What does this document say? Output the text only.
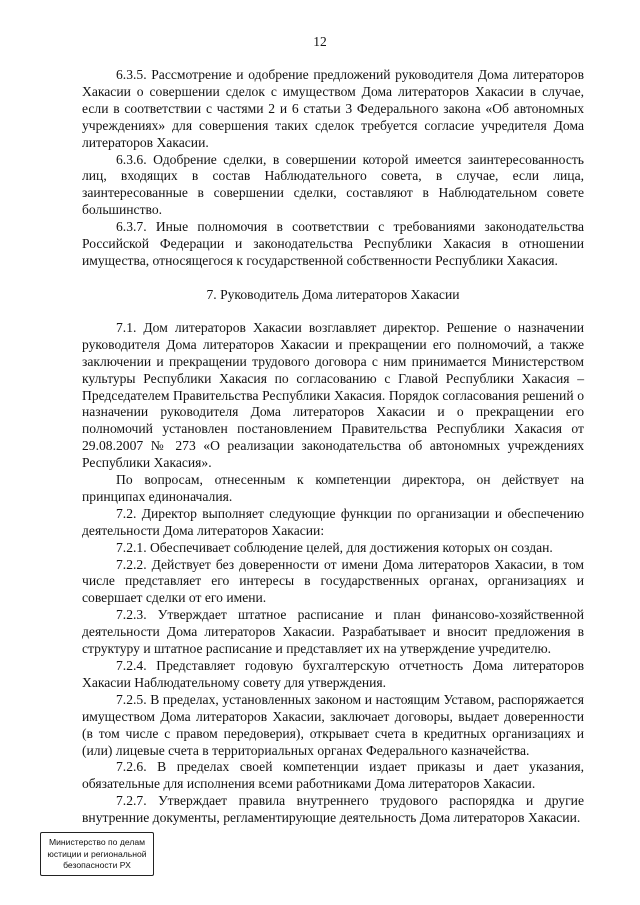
12

6.3.5. Рассмотрение и одобрение предложений руководителя Дома литераторов Хакасии о совершении сделок с имуществом Дома литераторов Хакасии в случае, если в соответствии с частями 2 и 6 статьи 3 Федерального закона «Об автономных учреждениях» для совершения таких сделок требуется согласие учредителя Дома литераторов Хакасии.

6.3.6. Одобрение сделки, в совершении которой имеется заинтересованность лиц, входящих в состав Наблюдательного совета, в случае, если лица, заинтересованные в совершении сделки, составляют в Наблюдательном совете большинство.

6.3.7. Иные полномочия в соответствии с требованиями законодательства Российской Федерации и законодательства Республики Хакасия в отношении имущества, относящегося к государственной собственности Республики Хакасия.

7. Руководитель Дома литераторов Хакасии

7.1. Дом литераторов Хакасии возглавляет директор. Решение о назначении руководителя Дома литераторов Хакасии и прекращении его полномочий, а также заключении и прекращении трудового договора с ним принимается Министерством культуры Республики Хакасия по согласованию с Главой Республики Хакасия – Председателем Правительства Республики Хакасия. Порядок согласования решений о назначении руководителя Дома литераторов Хакасии и о прекращении его полномочий установлен постановлением Правительства Республики Хакасия от 29.08.2007 № 273 «О реализации законодательства об автономных учреждениях Республики Хакасия».

По вопросам, отнесенным к компетенции директора, он действует на принципах единоначалия.

7.2. Директор выполняет следующие функции по организации и обеспечению деятельности Дома литераторов Хакасии:

7.2.1. Обеспечивает соблюдение целей, для достижения которых он создан.

7.2.2. Действует без доверенности от имени Дома литераторов Хакасии, в том числе представляет его интересы в государственных органах, организациях и совершает сделки от его имени.

7.2.3. Утверждает штатное расписание и план финансово-хозяйственной деятельности Дома литераторов Хакасии. Разрабатывает и вносит предложения в структуру и штатное расписание и представляет их на утверждение учредителю.

7.2.4. Представляет годовую бухгалтерскую отчетность Дома литераторов Хакасии Наблюдательному совету для утверждения.

7.2.5. В пределах, установленных законом и настоящим Уставом, распоряжается имуществом Дома литераторов Хакасии, заключает договоры, выдает доверенности (в том числе с правом передоверия), открывает счета в кредитных организациях и (или) лицевые счета в территориальных органах Федерального казначейства.

7.2.6. В пределах своей компетенции издает приказы и дает указания, обязательные для исполнения всеми работниками Дома литераторов Хакасии.

7.2.7. Утверждает правила внутреннего трудового распорядка и другие внутренние документы, регламентирующие деятельность Дома литераторов Хакасии.

Министерство по делам
юстиции и региональной
безопасности РХ
